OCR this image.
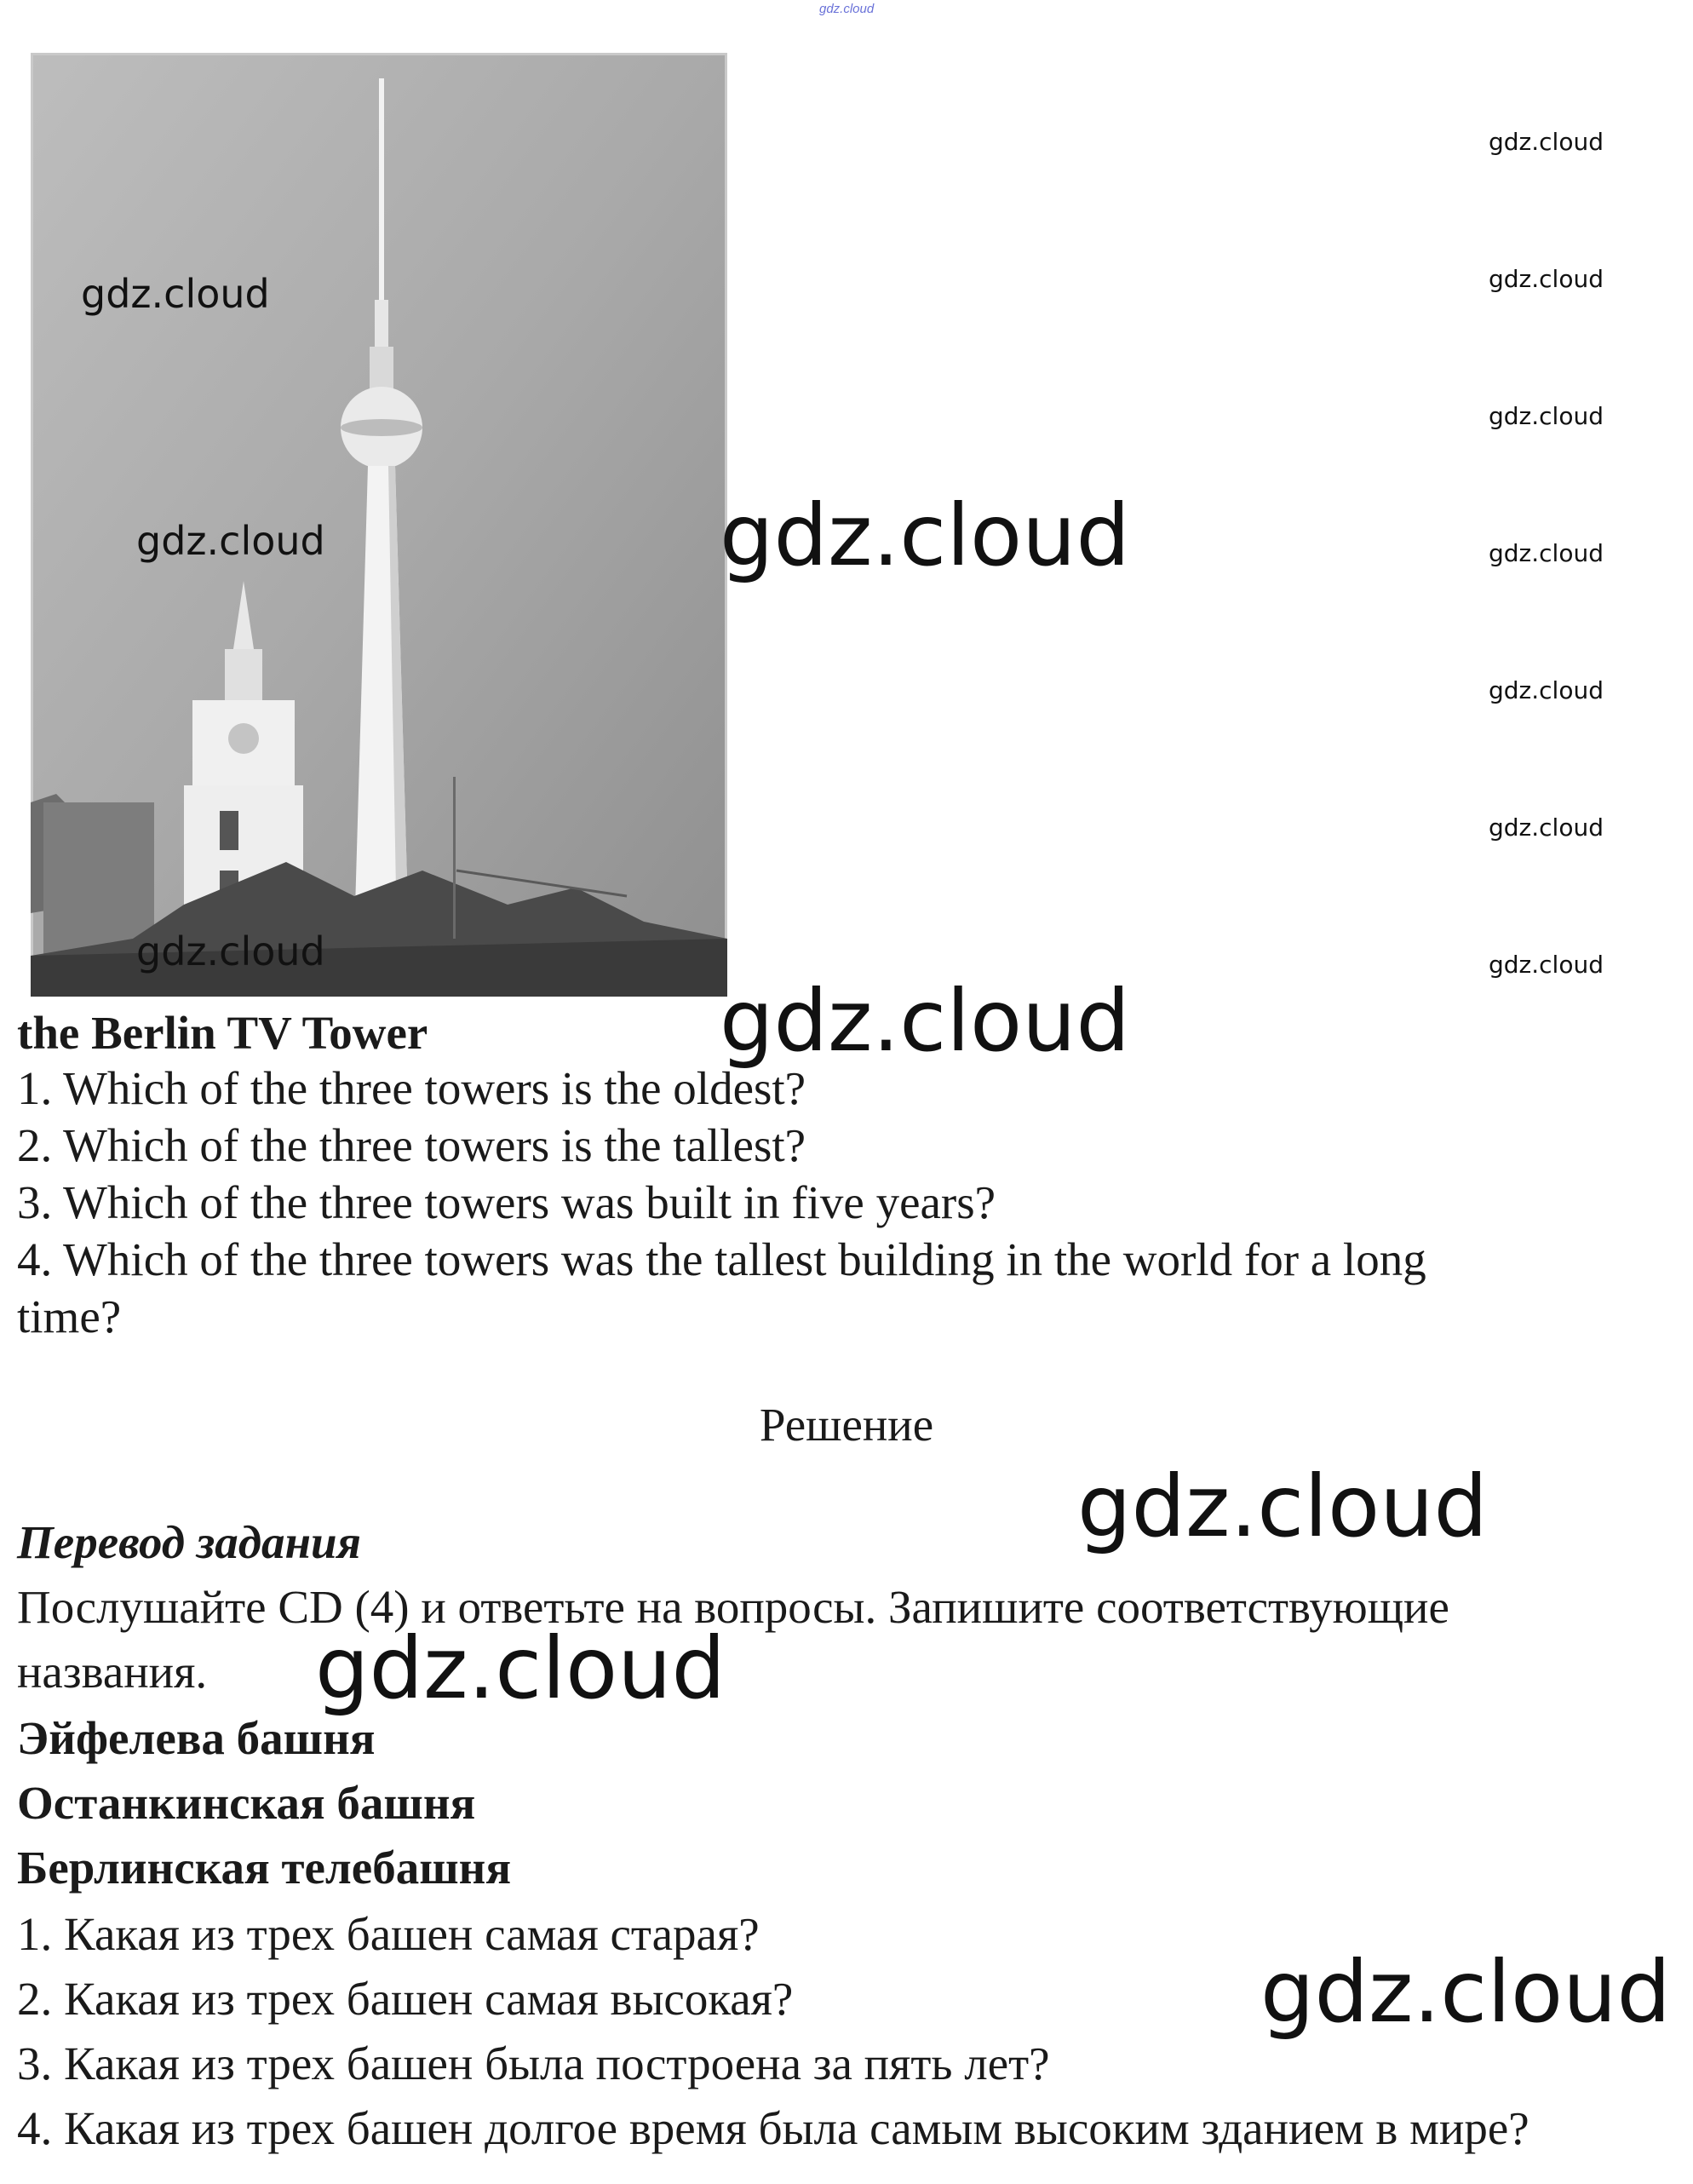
gdz.cloud
gdz.cloud
gdz.cloud
gdz.cloud
gdz.cloud
gdz.cloud
gdz.cloud
gdz.cloud
gdz.cloud
gdz.cloud
gdz.cloud
gdz.cloud
gdz.cloud
gdz.cloud
gdz.cloud
gdz.cloud
the Berlin TV Tower
1. Which of the three towers is the oldest?
2. Which of the three towers is the tallest?
3. Which of the three towers was built in five years?
4. Which of the three towers was the tallest building in the world for a long
time?
Решение
Перевод задания
Послушайте CD (4) и ответьте на вопросы. Запишите соответствующие
названия.
Эйфелева башня
Останкинская башня
Берлинская телебашня
1. Какая из трех башен самая старая?
2. Какая из трех башен самая высокая?
3. Какая из трех башен была построена за пять лет?
4. Какая из трех башен долгое время была самым высоким зданием в мире?
